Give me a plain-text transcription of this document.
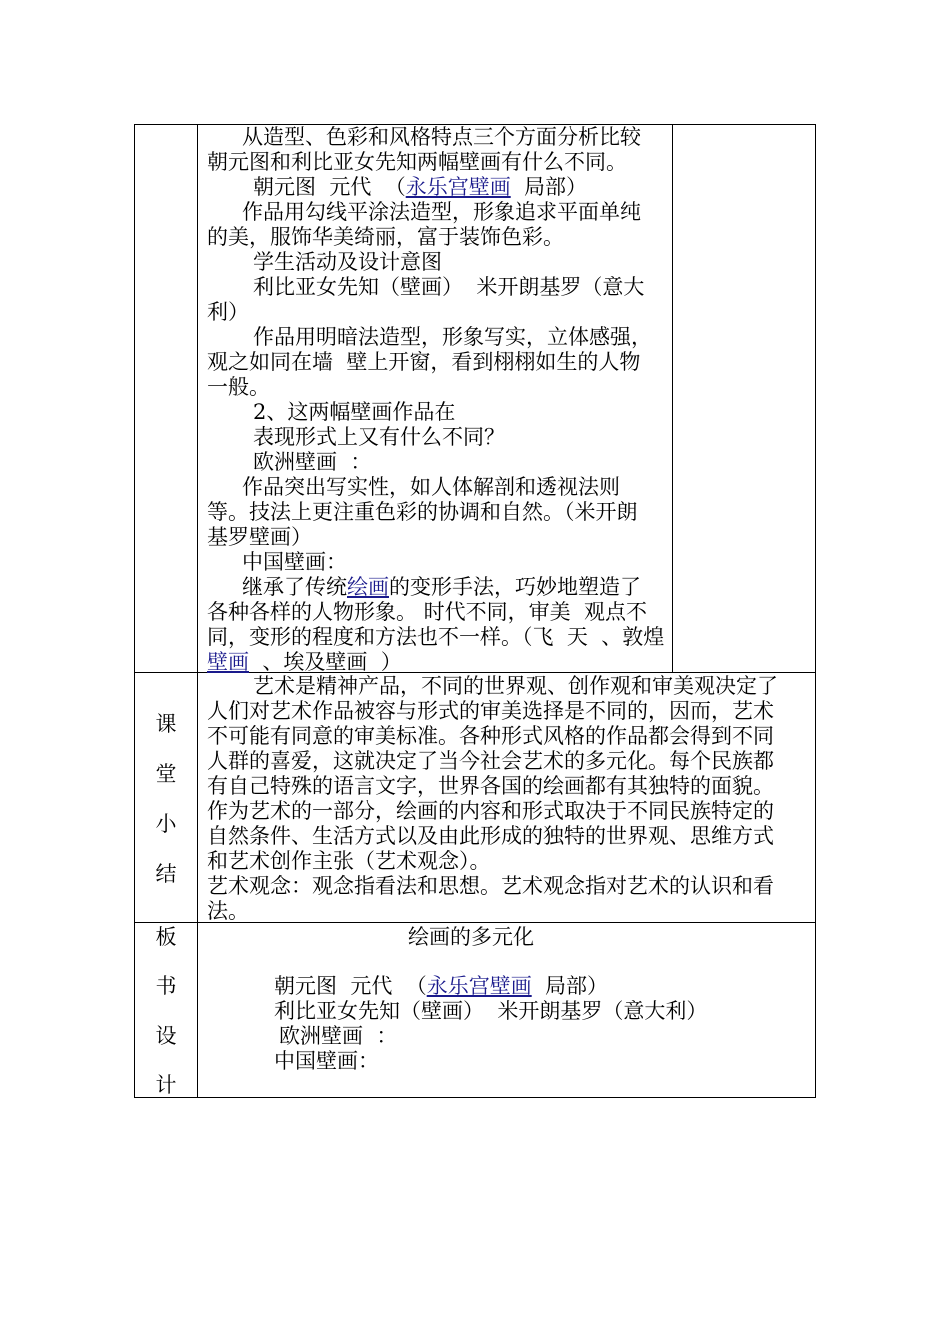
从造型、色彩和风格特点三个方面分析比较
朝元图和利比亚女先知两幅壁画有什么不同。
朝元图  元代  （永乐宫壁画  局部）
作品用勾线平涂法造型，形象追求平面单纯
的美，服饰华美绮丽，富于装饰色彩。
学生活动及设计意图
利比亚女先知（壁画）  米开朗基罗（意大
利）
作品用明暗法造型，形象写实，立体感强，
观之如同在墙  壁上开窗，看到栩栩如生的人物
一般。
2、这两幅壁画作品在
表现形式上又有什么不同？
欧洲壁画  ：
作品突出写实性，如人体解剖和透视法则
等。技法上更注重色彩的协调和自然。（米开朗
基罗壁画）
中国壁画：
继承了传统绘画的变形手法，巧妙地塑造了
各种各样的人物形象。 时代不同，审美  观点不
同，变形的程度和方法也不一样。（飞  天  、敦煌
壁画  、埃及壁画  ）
课
堂
小
结
艺术是精神产品，不同的世界观、创作观和审美观决定了
人们对艺术作品被容与形式的审美选择是不同的，因而，艺术
不可能有同意的审美标准。各种形式风格的作品都会得到不同
人群的喜爱，这就决定了当今社会艺术的多元化。每个民族都
有自己特殊的语言文字，世界各国的绘画都有其独特的面貌。
作为艺术的一部分，绘画的内容和形式取决于不同民族特定的
自然条件、生活方式以及由此形成的独特的世界观、思维方式
和艺术创作主张（艺术观念）。
艺术观念：观念指看法和思想。艺术观念指对艺术的认识和看
法。
板
书
设
计
绘画的多元化
朝元图  元代  （永乐宫壁画  局部）
利比亚女先知（壁画）  米开朗基罗（意大利）
欧洲壁画  ：
中国壁画：
